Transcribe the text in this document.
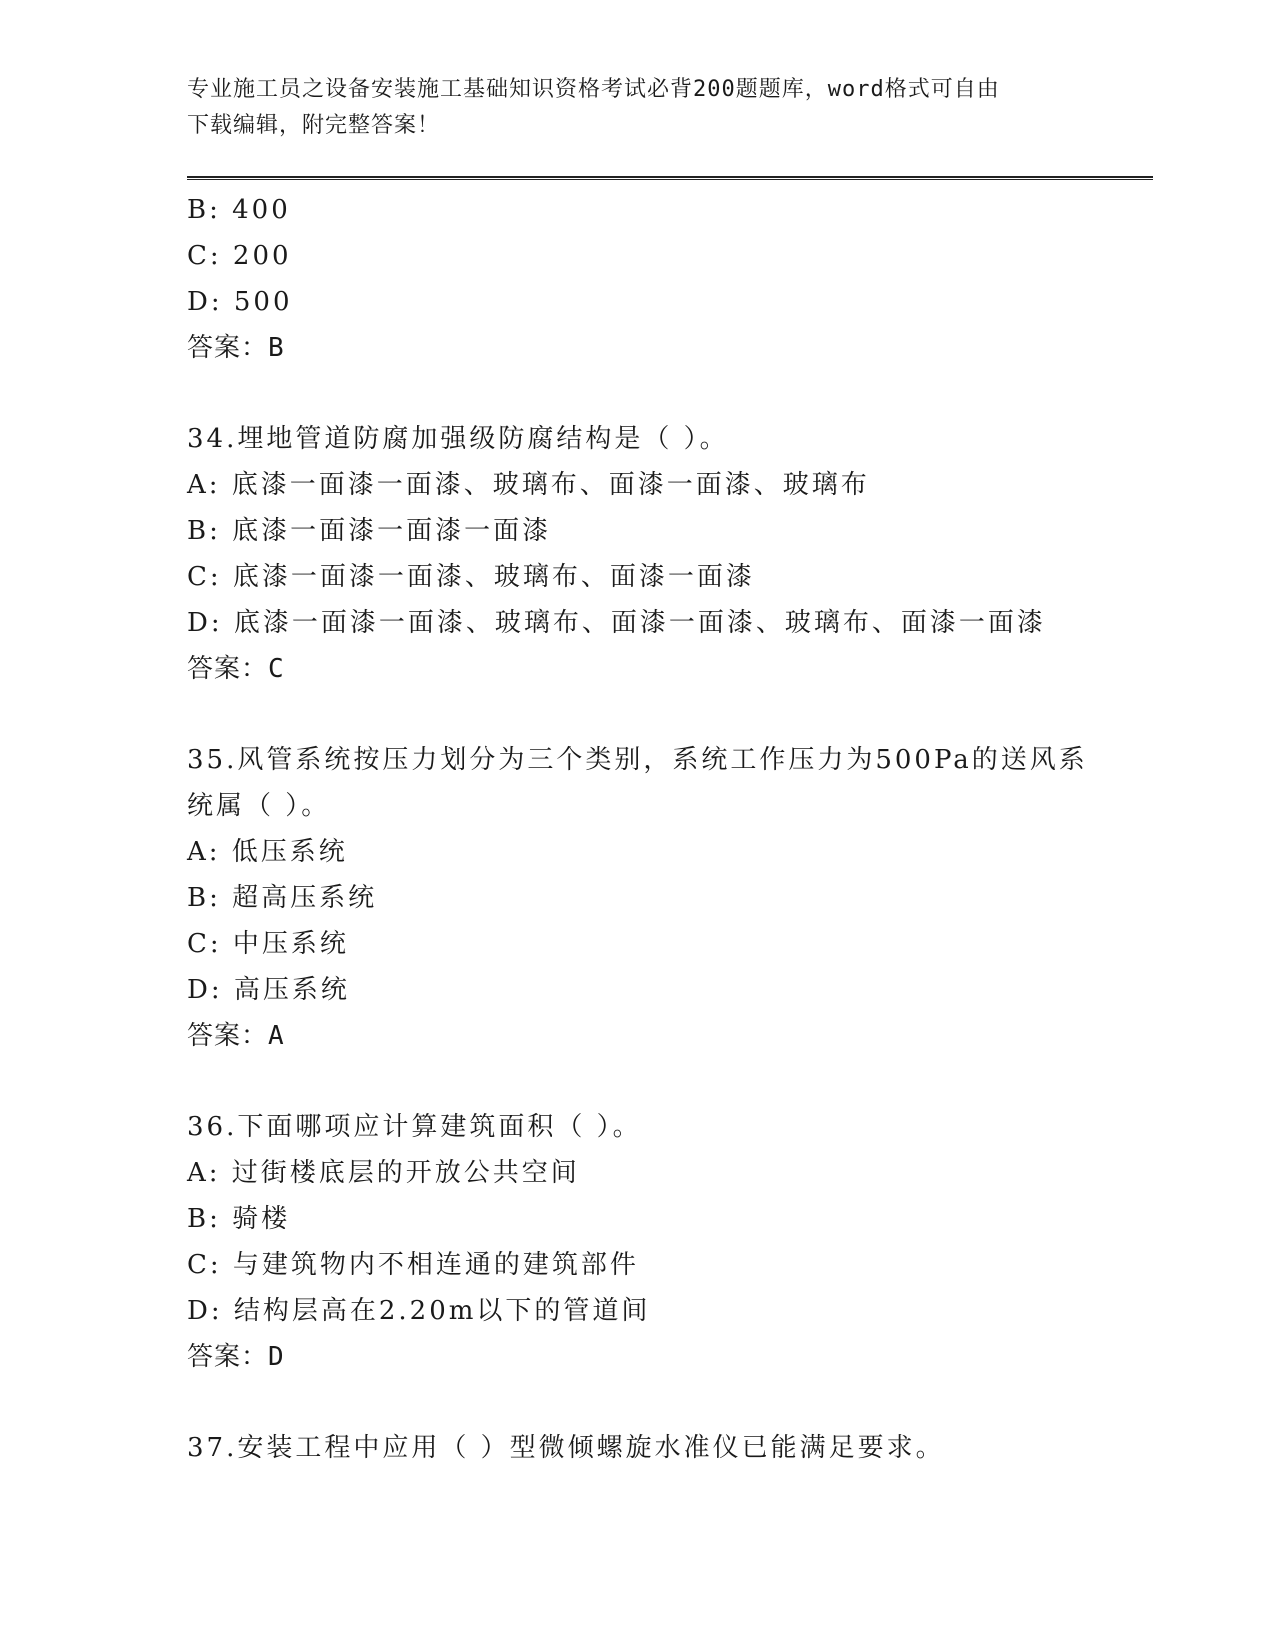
专业施工员之设备安装施工基础知识资格考试必背200题题库，word格式可自由
下载编辑，附完整答案！
B: 400
C: 200
D: 500
答案：B
34.埋地管道防腐加强级防腐结构是（ ）。
A: 底漆一面漆一面漆、玻璃布、面漆一面漆、玻璃布
B: 底漆一面漆一面漆一面漆
C: 底漆一面漆一面漆、玻璃布、面漆一面漆
D: 底漆一面漆一面漆、玻璃布、面漆一面漆、玻璃布、面漆一面漆
答案：C
35.风管系统按压力划分为三个类别，系统工作压力为500Pa的送风系
统属（ ）。
A: 低压系统
B: 超高压系统
C: 中压系统
D: 高压系统
答案：A
36.下面哪项应计算建筑面积（ ）。
A: 过街楼底层的开放公共空间
B: 骑楼
C: 与建筑物内不相连通的建筑部件
D: 结构层高在2.20m以下的管道间
答案：D
37.安装工程中应用（ ）型微倾螺旋水准仪已能满足要求。
